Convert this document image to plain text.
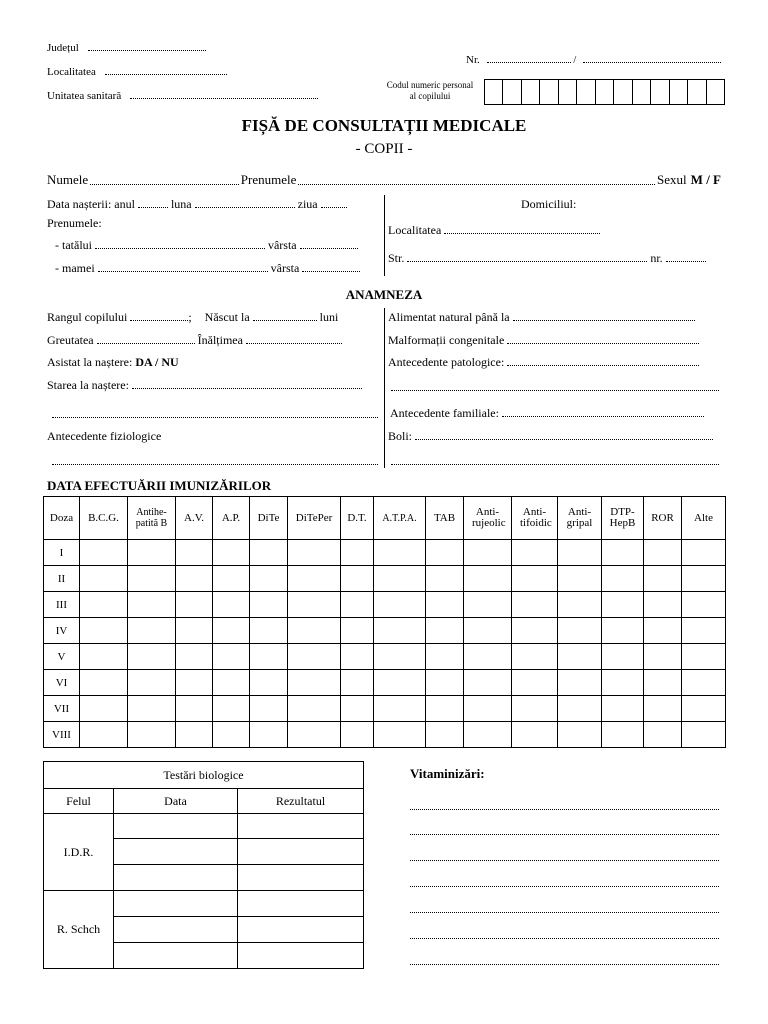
Județul
Localitatea
Unitatea sanitară
Nr.	/
Codul numeric personal
al copilului
FIȘĂ DE CONSULTAȚII MEDICALE
- COPII -
Numele	Prenumele	Sexul M / F
Data nașterii: anul	luna	ziua
Prenumele:
- tatălui	vârsta
- mamei	vârsta
Domiciliul:
Localitatea
Str.	nr.
ANAMNEZA
Rangul copilului	; Născut la	luni
Greutatea	Înălțimea
Asistat la naștere: DA / NU
Starea la naștere:
Antecedente fiziologice
Alimentat natural până la
Malformații congenitale
Antecedente patologice:
Antecedente familiale:
Boli:
DATA EFECTUĂRII IMUNIZĂRILOR
Doza	B.C.G.	Antihe-patită B	A.V.	A.P.	DiTe	DiTePer	D.T.	A.T.P.A.	TAB	Anti-rujeolic	Anti-tifoidic	Anti-gripal	DTP-HepB	ROR	Alte
I															
II															
III															
IV															
V															
VI															
VII															
VIII															
Testări biologice		
Felul	Data	Rezultatul
I.D.R.		

R. Schch		

Vitaminizări:
